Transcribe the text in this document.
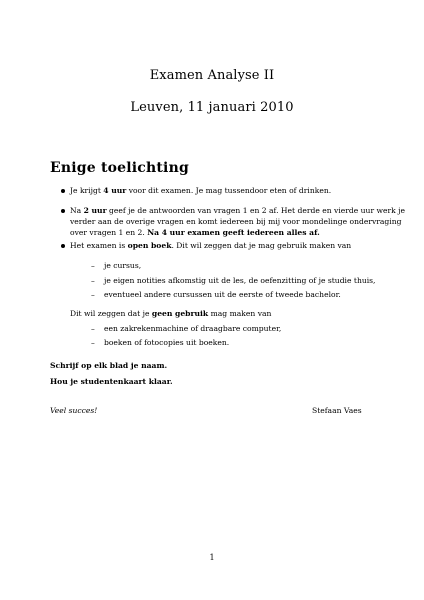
Examen Analyse II
Leuven, 11 januari 2010
Enige toelichting
Je krijgt 4 uur voor dit examen. Je mag tussendoor eten of drinken.
Na 2 uur geef je de antwoorden van vragen 1 en 2 af. Het derde en vierde uur werk je
verder aan de overige vragen en komt iedereen bij mij voor mondelinge ondervraging
over vragen 1 en 2. Na 4 uur examen geeft iedereen alles af.
Het examen is open boek. Dit wil zeggen dat je mag gebruik maken van
– je cursus,
– je eigen notities afkomstig uit de les, de oefenzitting of je studie thuis,
– eventueel andere cursussen uit de eerste of tweede bachelor.
Dit wil zeggen dat je geen gebruik mag maken van
– een zakrekenmachine of draagbare computer,
– boeken of fotocopies uit boeken.
Schrijf op elk blad je naam.
Hou je studentenkaart klaar.
Veel succes!	Stefaan Vaes
1
